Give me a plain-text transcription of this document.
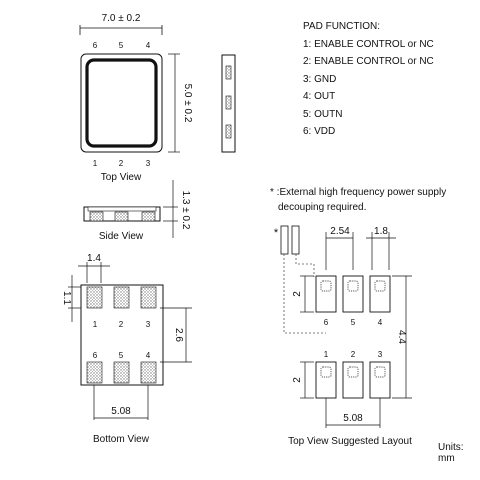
7.0 ± 0.2
6	5	4
5.0 ± 0.2
1	2	3
Top View
1.3 ± 0.2
Side View
1.4
1.1
1	2	3
6	5	4
2.6
5.08
Bottom View
*	2.54 1.8
2
6	5	4
1	2	3
2
4.4
5.08
Top View Suggested Layout
PAD FUNCTION:
1: ENABLE CONTROL or NC
2: ENABLE CONTROL or NC
3: GND
4: OUT
5: OUTN
6: VDD
* :External high frequency power supply
decouping required.
Units: mm
